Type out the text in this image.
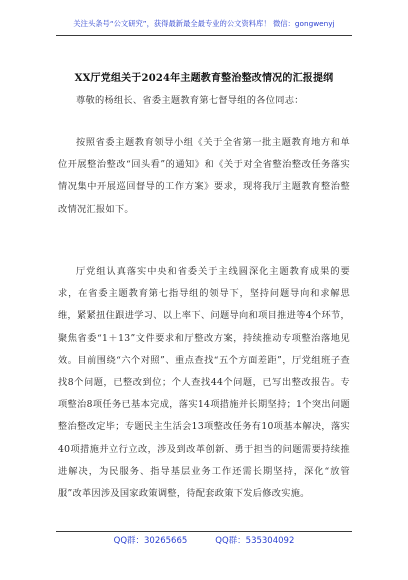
关注头条号“公文研究”，获得最新最全最专业的公文资料库！ 微信：gongwenyj
XX厅党组关于2024年主题教育整治整改情况的汇报提纲
尊敬的杨组长、省委主题教育第七督导组的各位同志：
按照省委主题教育领导小组《关于全省第一批主题教育地方和单位开展整治整改“回头看”的通知》和《关于对全省整治整改任务落实情况集中开展巡回督导的工作方案》要求，现将我厅主题教育整治整改情况汇报如下。
厅党组认真落实中央和省委关于主线圆深化主题教育成果的要求，在省委主题教育第七指导组的领导下，坚持问题导向和求解思维，紧紧扭住跟进学习、以上率下、问题导向和项目推进等4个环节，聚焦省委“1＋13”文件要求和厅整改方案，持续推动专项整治落地见效。目前围绕“六个对照”、重点查找“五个方面差距”，厅党组班子查找8个问题，已整改到位；个人查找44个问题，已写出整改报告。专项整治8项任务已基本完成，落实14项措施并长期坚持；1个突出问题整治整改定毕；专题民主生活会13项整改任务有10项基本解决，落实40项措施并立行立改，涉及到改革创新、勇于担当的问题需要持续推进解决，为民服务、指导基层业务工作还需长期坚持，深化“放管服”改革因涉及国家政策调整，待配套政策下发后修改实施。
QQ群：30265665	QQ群：535304092
